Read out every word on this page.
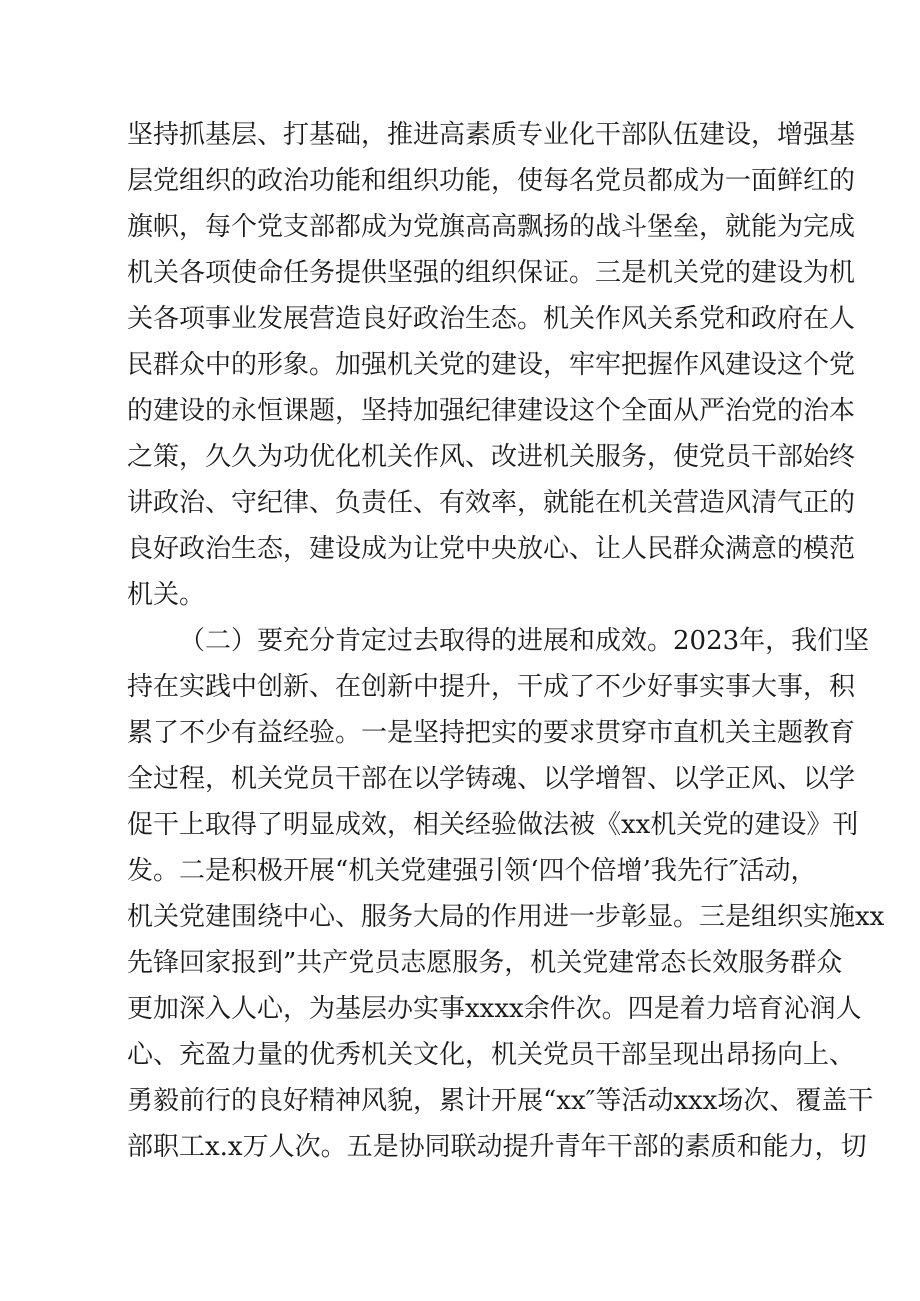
坚持抓基层、打基础，推进高素质专业化干部队伍建设，增强基
层党组织的政治功能和组织功能，使每名党员都成为一面鲜红的
旗帜，每个党支部都成为党旗高高飘扬的战斗堡垒，就能为完成
机关各项使命任务提供坚强的组织保证。三是机关党的建设为机
关各项事业发展营造良好政治生态。机关作风关系党和政府在人
民群众中的形象。加强机关党的建设，牢牢把握作风建设这个党
的建设的永恒课题，坚持加强纪律建设这个全面从严治党的治本
之策，久久为功优化机关作风、改进机关服务，使党员干部始终
讲政治、守纪律、负责任、有效率，就能在机关营造风清气正的
良好政治生态，建设成为让党中央放心、让人民群众满意的模范
机关。
（二）要充分肯定过去取得的进展和成效。2023年，我们坚
持在实践中创新、在创新中提升，干成了不少好事实事大事，积
累了不少有益经验。一是坚持把实的要求贯穿市直机关主题教育
全过程，机关党员干部在以学铸魂、以学增智、以学正风、以学
促干上取得了明显成效，相关经验做法被《xx机关党的建设》刊
发。二是积极开展“机关党建强引领‘四个倍增’我先行″活动，
机关党建围绕中心、服务大局的作用进一步彰显。三是组织实施xx
先锋回家报到”共产党员志愿服务，机关党建常态长效服务群众
更加深入人心，为基层办实事xxxx余件次。四是着力培育沁润人
心、充盈力量的优秀机关文化，机关党员干部呈现出昂扬向上、
勇毅前行的良好精神风貌，累计开展“xx″等活动xxx场次、覆盖干
部职工x.x万人次。五是协同联动提升青年干部的素质和能力，切
